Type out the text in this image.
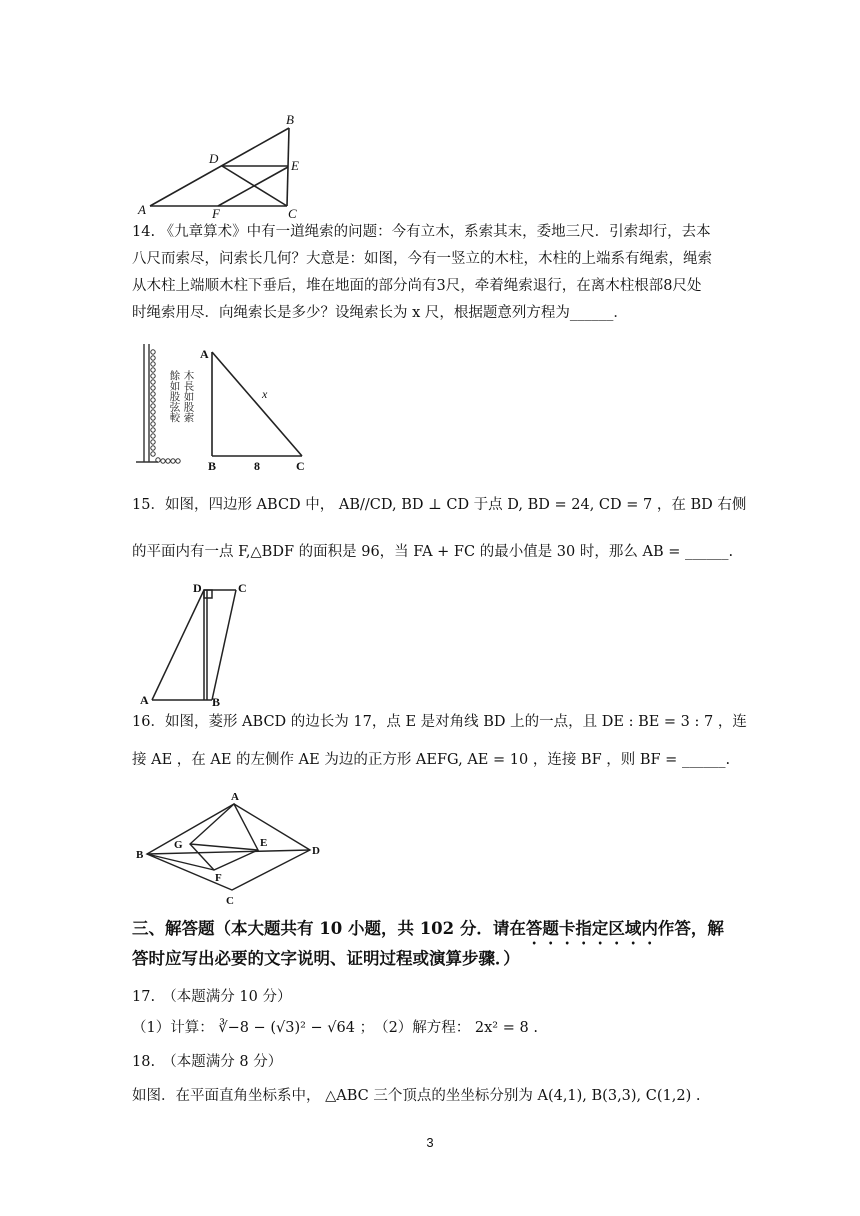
A
B
C
D	E
F
14. 《九章算术》中有一道绳索的问题：今有立木，系索其末，委地三尺．引索却行，去本
八尺而索尽，问索长几何？大意是：如图，今有一竖立的木柱，木柱的上端系有绳索，绳索
从木柱上端顺木柱下垂后，堆在地面的部分尚有3尺，牵着绳索退行，在离木柱根部8尺处
时绳索用尽．向绳索长是多少？设绳索长为 x 尺，根据题意列方程为______．
木長如股索
餘如股弦較
A
B	C
x
8
15．如图，四边形 ABCD 中， AB//CD, BD ⊥ CD 于点 D, BD = 24, CD = 7 ，在 BD 右侧
的平面内有一点 F,△BDF 的面积是 96，当 FA + FC 的最小值是 30 时，那么 AB = ______.
D	C
A	B
16．如图，菱形 ABCD 的边长为 17，点 E 是对角线 BD 上的一点，且 DE : BE = 3 : 7 ，连
接 AE ，在 AE 的左侧作 AE 为边的正方形 AEFG, AE = 10 ，连接 BF ，则 BF = ______.
A
B
C
D
E
F
G
三、解答题（本大题共有 10 小题，共 102 分．请在答题卡指定区域内作答，解
答时应写出必要的文字说明、证明过程或演算步骤．）
17.　（本题满分 10 分）
（1）计算： ∛−8 − (√3)² − √64 ；　（2）解方程： 2x² = 8 .
18.　（本题满分 8 分）
如图．在平面直角坐标系中， △ABC 三个顶点的坐坐标分别为 A(4,1), B(3,3), C(1,2) .
3
